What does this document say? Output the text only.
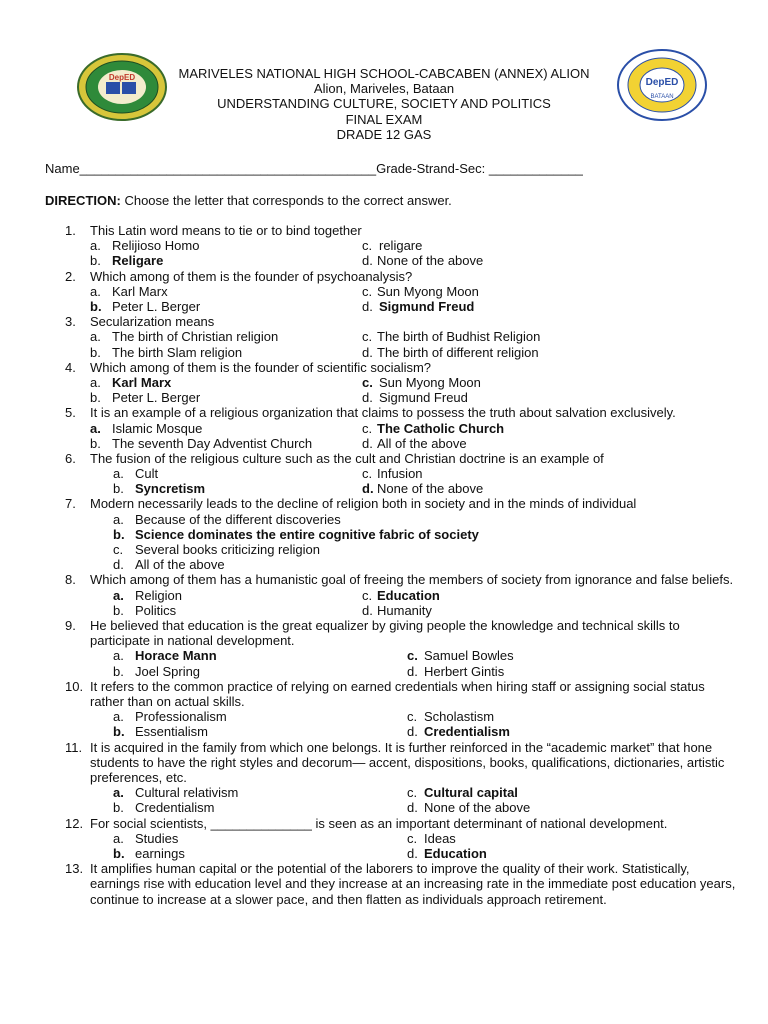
DepED	DepED
BATAAN
MARIVELES NATIONAL HIGH SCHOOL-CABCABEN (ANNEX) ALION
Alion, Mariveles, Bataan
UNDERSTANDING CULTURE, SOCIETY AND POLITICS
FINAL EXAM
DRADE 12 GAS
Name_________________________________________Grade-Strand-Sec: _____________
DIRECTION: Choose the letter that corresponds to the correct answer.
1.	This Latin word means to tie or to bind together
a. Relijioso Homo	c. religare
b. Religare	d. None of the above
2.	Which among of them is the founder of psychoanalysis?
a. Karl Marx	c. Sun Myong Moon
b. Peter L. Berger	d. Sigmund Freud
3.	Secularization means
a. The birth of Christian religion	c. The birth of Budhist Religion
b. The birth Slam religion	d. The birth of different religion
4.	Which among of them is the founder of scientific socialism?
a. Karl Marx	c. Sun Myong Moon
b. Peter L. Berger	d. Sigmund Freud
5.	It is an example of a religious organization that claims to possess the truth about salvation exclusively.
a. Islamic Mosque	c. The Catholic Church
b. The seventh Day Adventist Church	d. All of the above
6.	The fusion of the religious culture such as the cult and Christian doctrine is an example of
a. Cult	c. Infusion
b. Syncretism	d. None of the above
7.	Modern necessarily leads to the decline of religion both in society and in the minds of individual
a. Because of the different discoveries
b. Science dominates the entire cognitive fabric of society
c. Several books criticizing religion
d. All of the above
8.	Which among of them has a humanistic goal of freeing the members of society from ignorance and false beliefs.
a. Religion	c. Education
b. Politics	d. Humanity
9.	He believed that education is the great equalizer by giving people the knowledge and technical skills to participate in national development.
a. Horace Mann	c. Samuel Bowles
b. Joel Spring	d. Herbert Gintis
10. It refers to the common practice of relying on earned credentials when hiring staff or assigning social status rather than on actual skills.
a. Professionalism	c. Scholastism
b. Essentialism	d. Credentialism
11. It is acquired in the family from which one belongs. It is further reinforced in the “academic market” that hone students to have the right styles and decorum— accent, dispositions, books, qualifications, dictionaries, artistic preferences, etc.
a. Cultural relativism	c. Cultural capital
b. Credentialism	d. None of the above
12. For social scientists, ______________ is seen as an important determinant of national development.
a. Studies	c. Ideas
b. earnings	d. Education
13. It amplifies human capital or the potential of the laborers to improve the quality of their work. Statistically, earnings rise with education level and they increase at an increasing rate in the immediate post education years, continue to increase at a slower pace, and then flatten as individuals approach retirement.
